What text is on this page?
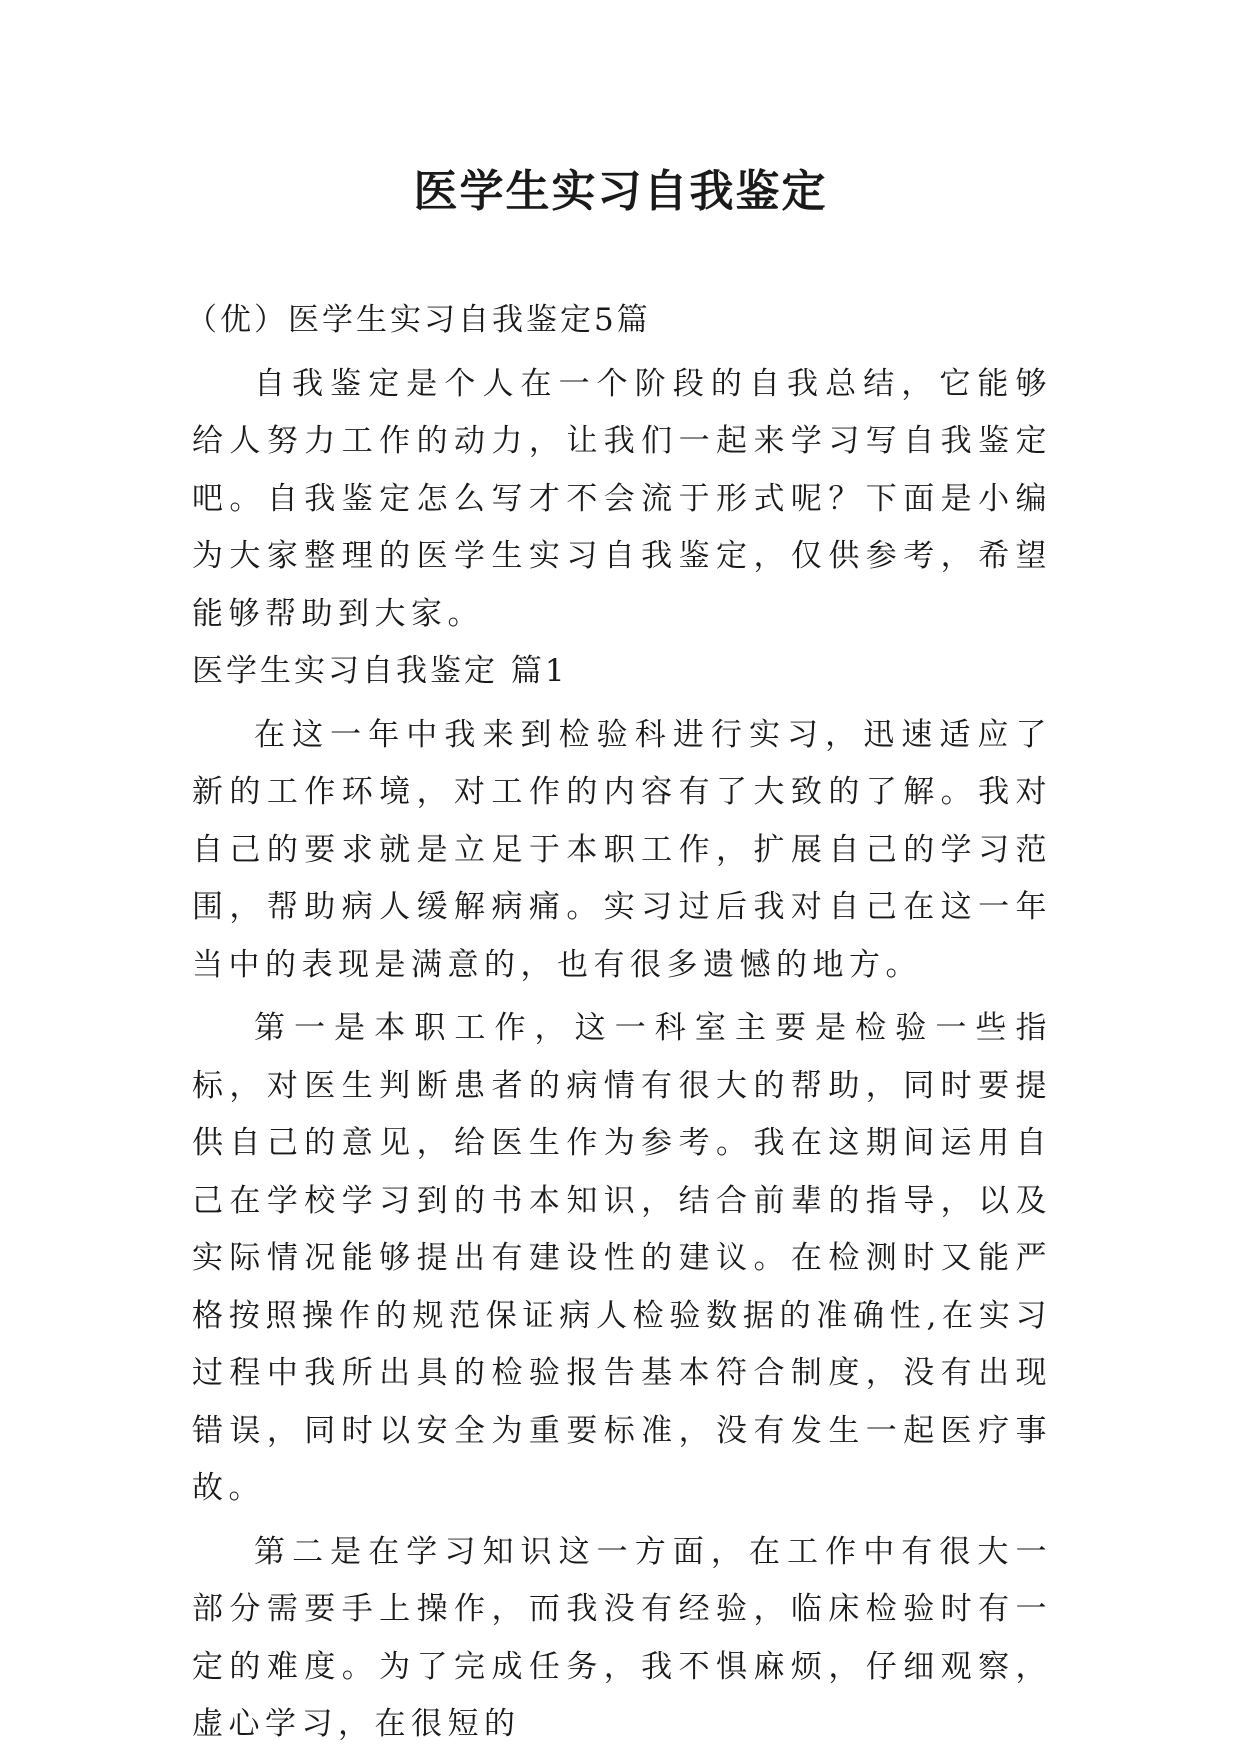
医学生实习自我鉴定

（优）医学生实习自我鉴定5篇

自我鉴定是个人在一个阶段的自我总结，它能够给人努力工作的动力，让我们一起来学习写自我鉴定吧。自我鉴定怎么写才不会流于形式呢？下面是小编为大家整理的医学生实习自我鉴定，仅供参考，希望能够帮助到大家。

医学生实习自我鉴定 篇1

在这一年中我来到检验科进行实习，迅速适应了新的工作环境，对工作的内容有了大致的了解。我对自己的要求就是立足于本职工作，扩展自己的学习范围，帮助病人缓解病痛。实习过后我对自己在这一年当中的表现是满意的，也有很多遗憾的地方。

第一是本职工作，这一科室主要是检验一些指标，对医生判断患者的病情有很大的帮助，同时要提供自己的意见，给医生作为参考。我在这期间运用自己在学校学习到的书本知识，结合前辈的指导，以及实际情况能够提出有建设性的建议。在检测时又能严格按照操作的规范保证病人检验数据的准确性,在实习过程中我所出具的检验报告基本符合制度，没有出现错误，同时以安全为重要标准，没有发生一起医疗事故。

第二是在学习知识这一方面，在工作中有很大一部分需要手上操作，而我没有经验，临床检验时有一定的难度。为了完成任务，我不惧麻烦，仔细观察，虚心学习，在很短的
